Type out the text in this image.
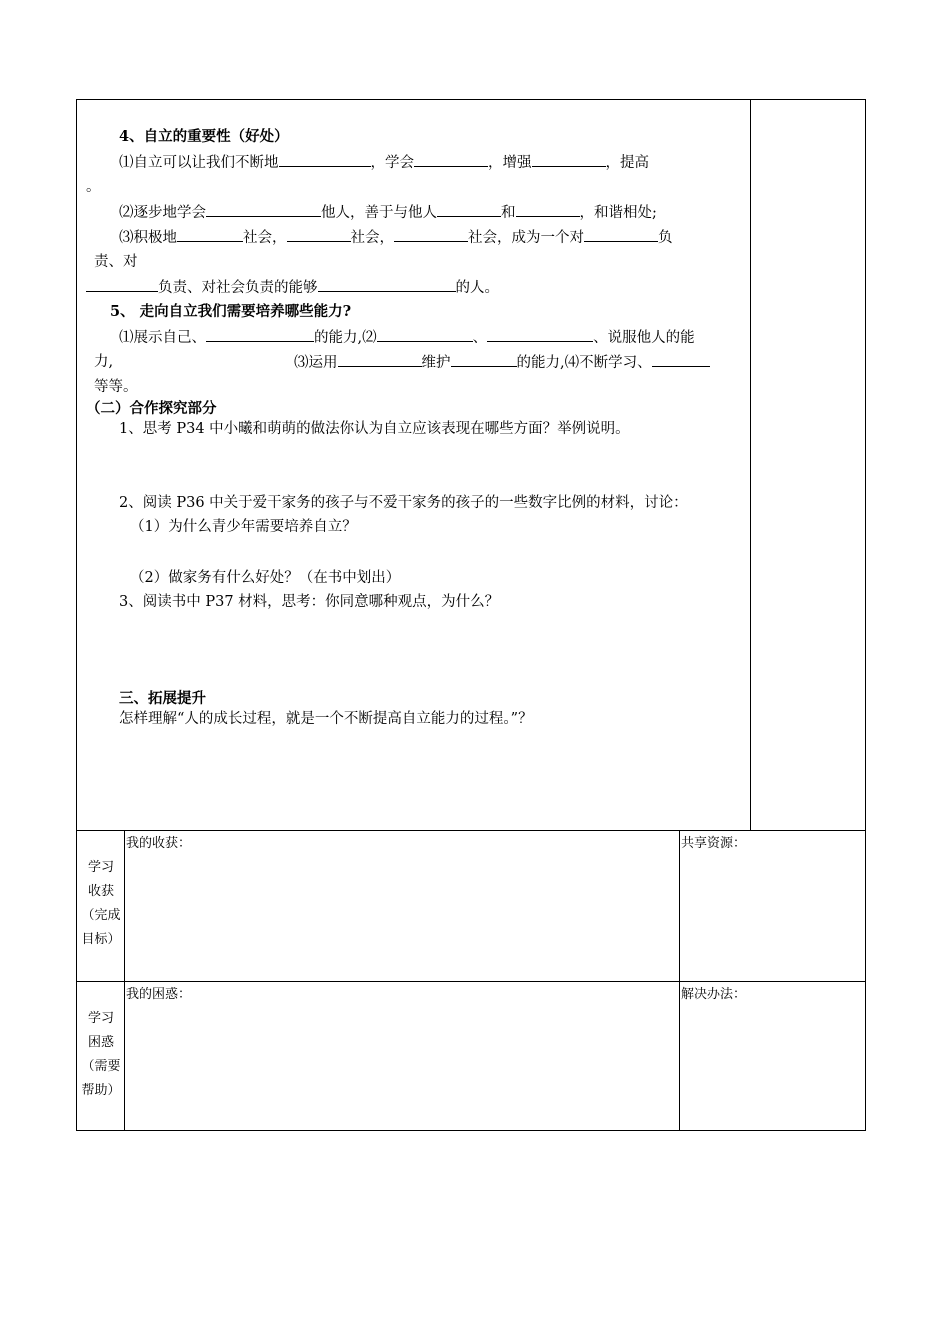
4、自立的重要性（好处）
⑴自立可以让我们不断地	，学会	，增强	，提高
。
⑵逐步地学会	他人，善于与他人	和	，和谐相处;
⑶积极地	社会，	社会，	社会，成为一个对	负
责、对
负责、对社会负责的能够	的人。
5、 走向自立我们需要培养哪些能力?
⑴展示自己、	的能力,⑵	、	、说服他人的能
力,	⑶运用	维护	的能力,⑷不断学习、
等等。
（二）合作探究部分
1、思考 P34 中小曦和萌萌的做法你认为自立应该表现在哪些方面？举例说明。
2、阅读 P36 中关于爱干家务的孩子与不爱干家务的孩子的一些数字比例的材料，讨论：
（1）为什么青少年需要培养自立？
（2）做家务有什么好处？（在书中划出）
3、阅读书中 P37 材料，思考：你同意哪种观点，为什么？
三、拓展提升
怎样理解“人的成长过程，就是一个不断提高自立能力的过程。”？
学习
收获
（完成
目标）
我的收获：	共享资源：
学习
困惑
（需要
帮助）
我的困惑：	解决办法：
